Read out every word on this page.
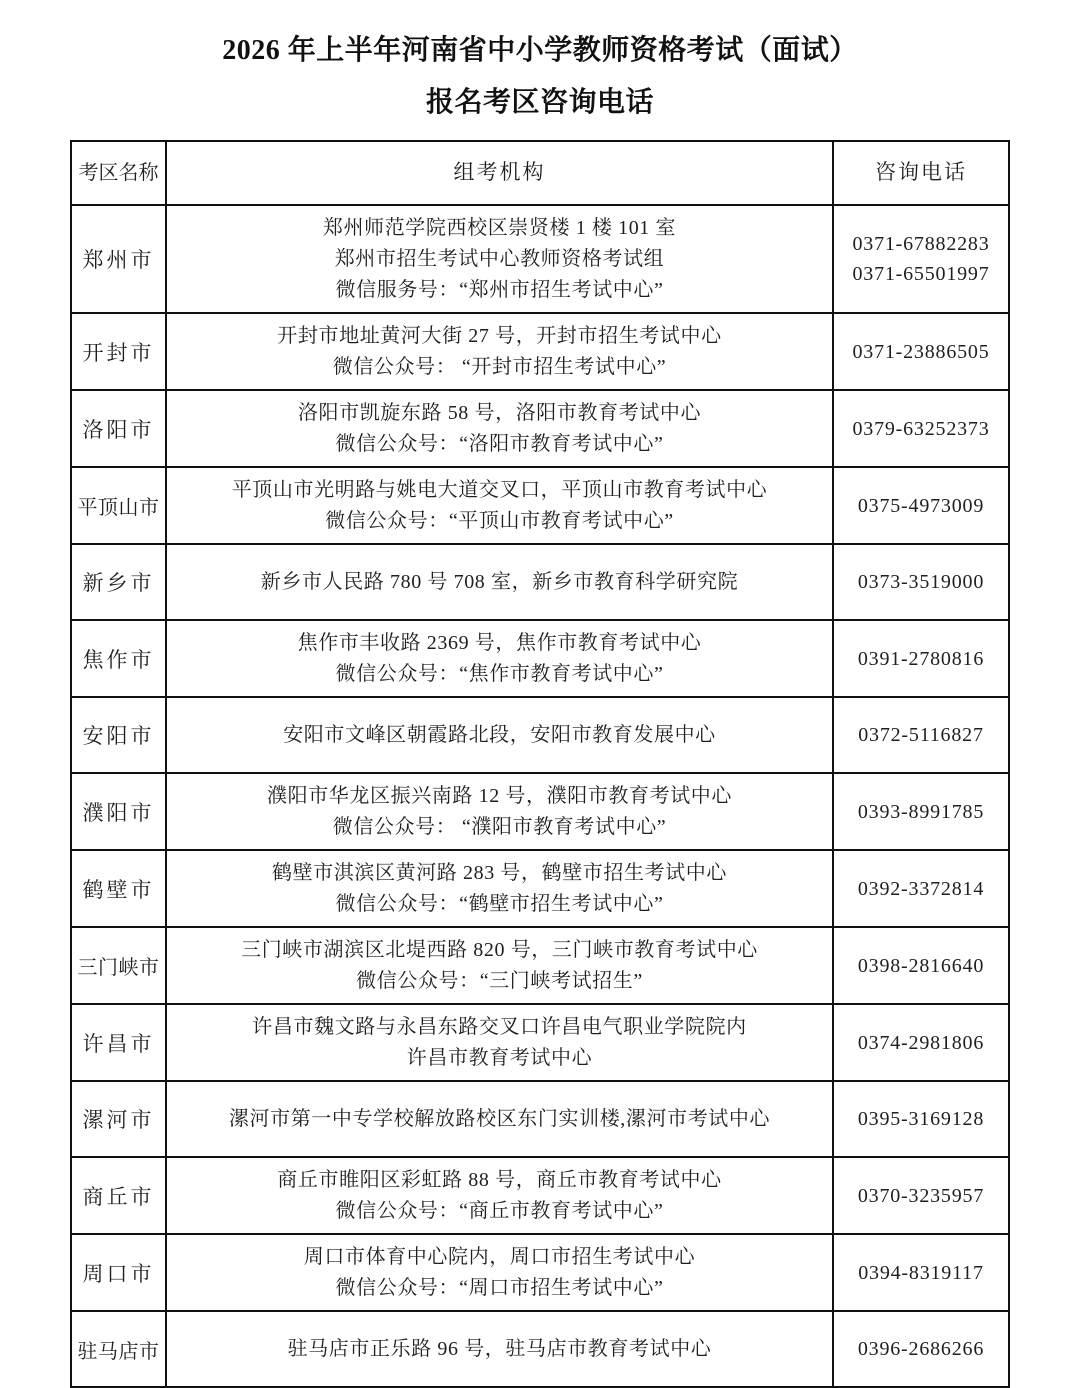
2026 年上半年河南省中小学教师资格考试（面试）
报名考区咨询电话
考区名称	组考机构	咨询电话
郑州市	郑州师范学院西校区崇贤楼 1 楼 101 室
郑州市招生考试中心教师资格考试组
微信服务号：“郑州市招生考试中心”	0371-67882283
0371-65501997

开封市	开封市地址黄河大街 27 号，开封市招生考试中心
微信公众号： “开封市招生考试中心”	0371-23886505

洛阳市	洛阳市凯旋东路 58 号，洛阳市教育考试中心
微信公众号：“洛阳市教育考试中心”	0379-63252373

平顶山市	平顶山市光明路与姚电大道交叉口，平顶山市教育考试中心
微信公众号：“平顶山市教育考试中心”	0375-4973009

新乡市	新乡市人民路 780 号 708 室，新乡市教育科学研究院	0373-3519000

焦作市	焦作市丰收路 2369 号，焦作市教育考试中心
微信公众号：“焦作市教育考试中心”	0391-2780816

安阳市	安阳市文峰区朝霞路北段，安阳市教育发展中心	0372-5116827

濮阳市	濮阳市华龙区振兴南路 12 号，濮阳市教育考试中心
微信公众号： “濮阳市教育考试中心”	0393-8991785

鹤壁市	鹤壁市淇滨区黄河路 283 号，鹤壁市招生考试中心
微信公众号：“鹤壁市招生考试中心”	0392-3372814

三门峡市	三门峡市湖滨区北堤西路 820 号，三门峡市教育考试中心
微信公众号：“三门峡考试招生”	0398-2816640

许昌市	许昌市魏文路与永昌东路交叉口许昌电气职业学院院内
许昌市教育考试中心	0374-2981806

漯河市	漯河市第一中专学校解放路校区东门实训楼,漯河市考试中心	0395-3169128

商丘市	商丘市睢阳区彩虹路 88 号，商丘市教育考试中心
微信公众号：“商丘市教育考试中心”	0370-3235957

周口市	周口市体育中心院内，周口市招生考试中心
微信公众号：“周口市招生考试中心”	0394-8319117

驻马店市	驻马店市正乐路 96 号，驻马店市教育考试中心	0396-2686266
